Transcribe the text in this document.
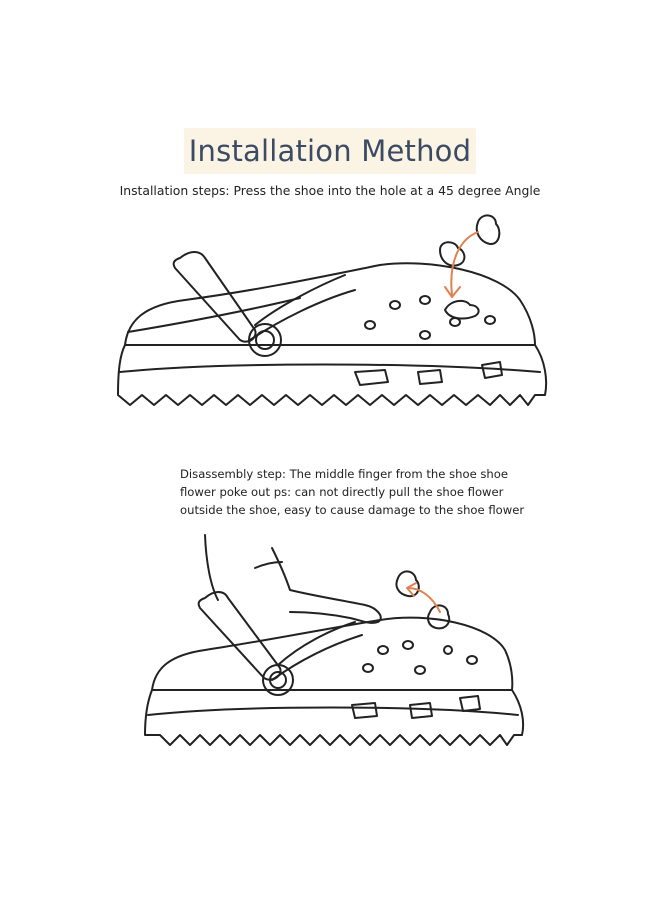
Installation Method
Installation steps: Press the shoe into the hole at a 45 degree Angle
Disassembly step: The middle finger from the shoe shoe
flower poke out ps: can not directly pull the shoe flower
outside the shoe, easy to cause damage to the shoe flower
